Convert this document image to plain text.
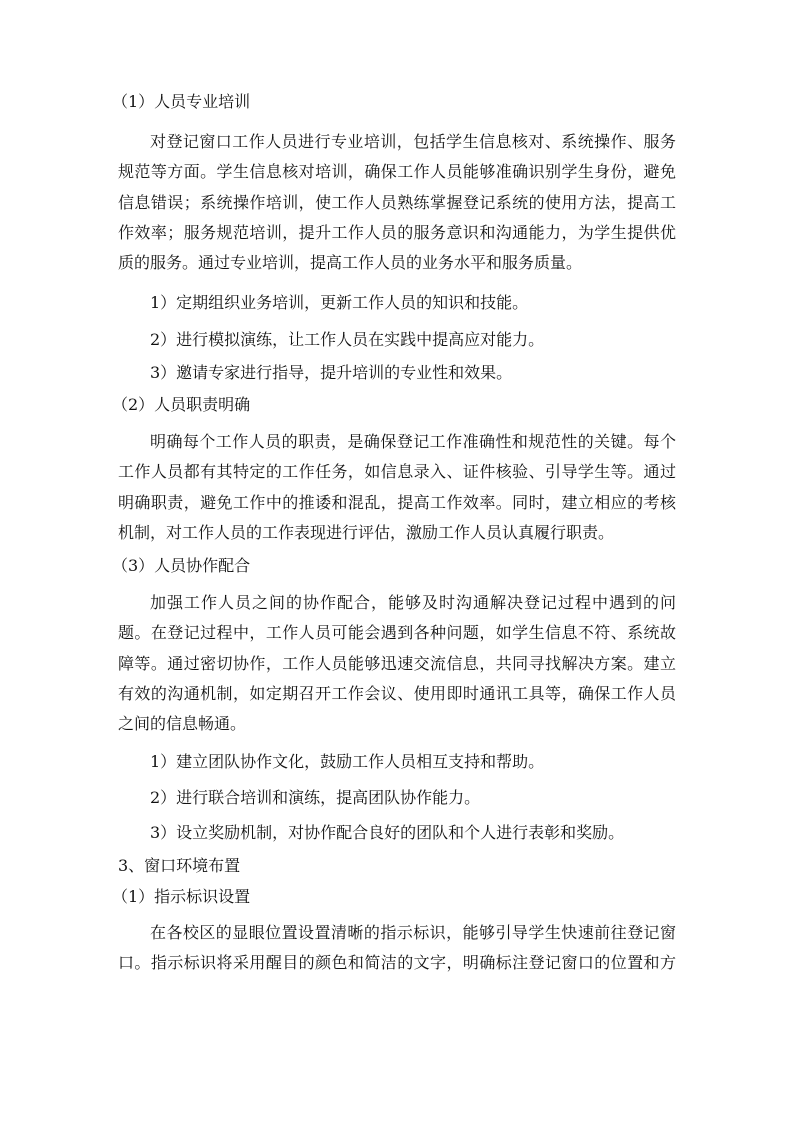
（1）人员专业培训
对登记窗口工作人员进行专业培训，包括学生信息核对、系统操作、服务
规范等方面。学生信息核对培训，确保工作人员能够准确识别学生身份，避免
信息错误；系统操作培训，使工作人员熟练掌握登记系统的使用方法，提高工
作效率；服务规范培训，提升工作人员的服务意识和沟通能力，为学生提供优
质的服务。通过专业培训，提高工作人员的业务水平和服务质量。
1）定期组织业务培训，更新工作人员的知识和技能。
2）进行模拟演练，让工作人员在实践中提高应对能力。
3）邀请专家进行指导，提升培训的专业性和效果。
（2）人员职责明确
明确每个工作人员的职责，是确保登记工作准确性和规范性的关键。每个
工作人员都有其特定的工作任务，如信息录入、证件核验、引导学生等。通过
明确职责，避免工作中的推诿和混乱，提高工作效率。同时，建立相应的考核
机制，对工作人员的工作表现进行评估，激励工作人员认真履行职责。
（3）人员协作配合
加强工作人员之间的协作配合，能够及时沟通解决登记过程中遇到的问
题。在登记过程中，工作人员可能会遇到各种问题，如学生信息不符、系统故
障等。通过密切协作，工作人员能够迅速交流信息，共同寻找解决方案。建立
有效的沟通机制，如定期召开工作会议、使用即时通讯工具等，确保工作人员
之间的信息畅通。
1）建立团队协作文化，鼓励工作人员相互支持和帮助。
2）进行联合培训和演练，提高团队协作能力。
3）设立奖励机制，对协作配合良好的团队和个人进行表彰和奖励。
3、窗口环境布置
（1）指示标识设置
在各校区的显眼位置设置清晰的指示标识，能够引导学生快速前往登记窗
口。指示标识将采用醒目的颜色和简洁的文字，明确标注登记窗口的位置和方
